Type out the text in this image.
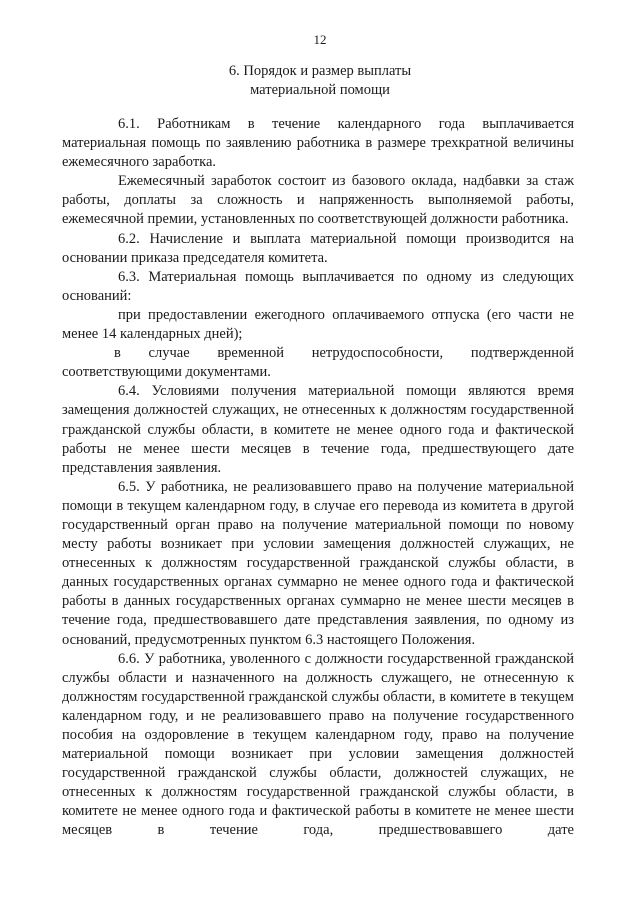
12
6. Порядок и размер выплаты
материальной помощи

6.1. Работникам в течение календарного года выплачивается материальная помощь по заявлению работника в размере трехкратной величины ежемесячного заработка.

Ежемесячный заработок состоит из базового оклада, надбавки за стаж работы, доплаты за сложность и напряженность выполняемой работы, ежемесячной премии, установленных по соответствующей должности работника.

6.2. Начисление и выплата материальной помощи производится на основании приказа председателя комитета.

6.3. Материальная помощь выплачивается по одному из следующих оснований:

при предоставлении ежегодного оплачиваемого отпуска (его части не менее 14 календарных дней);

в случае временной нетрудоспособности, подтвержденной соответствующими документами.

6.4. Условиями получения материальной помощи являются время замещения должностей служащих, не отнесенных к должностям государственной гражданской службы области, в комитете не менее одного года и фактической работы не менее шести месяцев в течение года, предшествующего дате представления заявления.

6.5. У работника, не реализовавшего право на получение материальной помощи в текущем календарном году, в случае его перевода из комитета в другой государственный орган право на получение материальной помощи по новому месту работы возникает при условии замещения должностей служащих, не отнесенных к должностям государственной гражданской службы области, в данных государственных органах суммарно не менее одного года и фактической работы в данных государственных органах суммарно не менее шести месяцев в течение года, предшествовавшего дате представления заявления, по одному из оснований, предусмотренных пунктом 6.3 настоящего Положения.

6.6. У работника, уволенного с должности государственной гражданской службы области и назначенного на должность служащего, не отнесенную к должностям государственной гражданской службы области, в комитете в текущем календарном году, и не реализовавшего право на получение государственного пособия на оздоровление в текущем календарном году, право на получение материальной помощи возникает при условии замещения должностей государственной гражданской службы области, должностей служащих, не отнесенных к должностям государственной гражданской службы области, в комитете не менее одного года и фактической работы в комитете не менее шести месяцев в течение года, предшествовавшего дате
